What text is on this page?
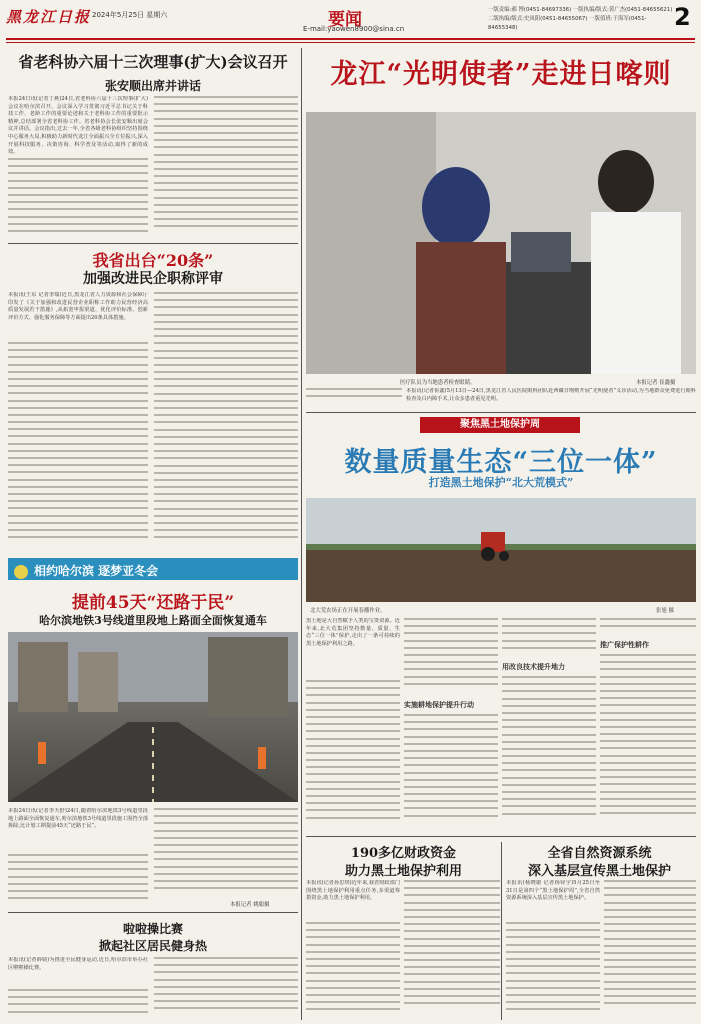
黑龙江日报 2024年5月25日 星期六	要闻
E-mail:yaowen8900@sina.cn
一版责编:郝 博(0451-84697336) 一版执编/版式:黄广杰(0451-84655621) 二版执编/版式:史凤阳(0451-84655067) 一版值班:于海军(0451-84655348)	2
省老科协六届十三次理事(扩大)会议召开
张安顺出席并讲话
本报24日讯(记者丁燕)24日,省老科协六届十三次理事(扩大)会议在哈尔滨召开。会议深入学习贯彻习近平总书记关于科技工作、老龄工作的重要论述和关于老科协工作的重要批示精神,总结部署全省老科协工作。省老科协会长张安顺出席会议并讲话。会议指出,过去一年,全省各级老科协组织坚持围绕中心服务大局,积极助力新时代龙江全面振兴全方位振兴,深入开展科技服务、决策咨询、科学普及等活动,取得了新的成效。
我省出台“20条”
加强改进民企职称评审
本报讯(王东 记者李瑞)近日,黑龙江省人力资源和社会保障厅印发了《关于加强和改进民营企业职称工作助力民营经济高质量发展若干措施》,从拓宽申报渠道、优化评价标准、创新评价方式、强化服务保障等方面提出20条具体措施。
相约哈尔滨 逐梦亚冬会
提前45天“还路于民”
哈尔滨地铁3号线道里段地上路面全面恢复通车
本报24日讯(记者李天舒)24日,随着哈尔滨地铁3号线道里段地上路面全面恢复通车,哈尔滨地铁3号线道里段施工围挡全部拆除,比计划工期提前45天“还路于民”。
本报记者 姚聪摄
啦啦操比赛
掀起社区居民健身热
本报讯(记者薛婧)为推进全民健身运动,近日,哈尔滨市举办社区啦啦操比赛。
龙江“光明使者”走进日喀则
医疗队员为当地患者检查眼睛。	本报记者 崔鑫摄
本报讯(记者崔鑫)5月13日—24日,黑龙江省人民医院眼科团队赴西藏日喀则开展“光明使者”义诊活动,为当地群众免费进行眼科检查及白内障手术,让众多患者重见光明。
聚焦黑土地保护周
数量质量生态“三位一体”
打造黑土地保护“北大荒模式”
北大荒农场正在开展春播作业。	张旭 摄
黑土地是大自然赋予人类的宝贵资源。近年来,北大荒集团坚持数量、质量、生态“三位一体”保护,走出了一条可持续的黑土地保护利用之路。
实施耕地保护提升行动
用改良技术提升地力
推广保护性耕作
190多亿财政资金
助力黑土地保护利用
本报讯(记者孙思琪)近年来,我省财政部门围绕黑土地保护利用重点任务,多渠道筹措资金,助力黑土地保护利用。
全省自然资源系统
深入基层宣传黑土地保护
本报讯(杨晓庸 记者杨铎宇)5月25日至31日是第四个“黑土地保护周”,全省自然资源系统深入基层宣传黑土地保护。
